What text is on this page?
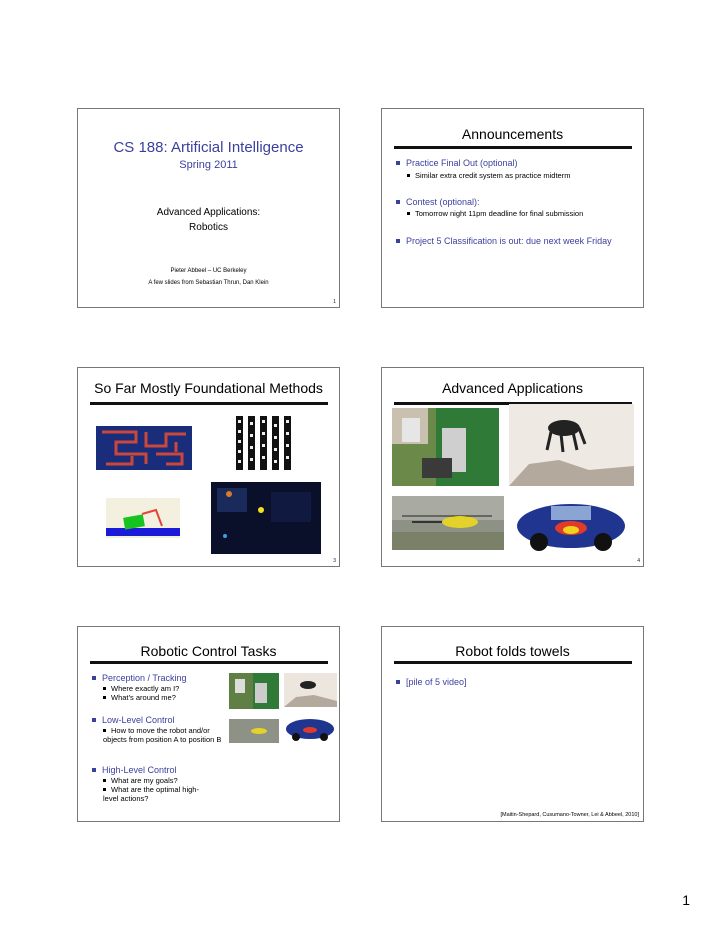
CS 188: Artificial Intelligence
Spring 2011
Advanced Applications:
Robotics
Pieter Abbeel – UC Berkeley
A few slides from Sebastian Thrun, Dan Klein
1
Announcements
Practice Final Out (optional)
Similar extra credit system as practice midterm
Contest (optional):
Tomorrow night 11pm deadline for final submission
Project 5 Classification is out: due next week Friday
So Far Mostly Foundational Methods
3
Advanced Applications
4
Robotic Control Tasks
Perception / Tracking
Where exactly am I?
What’s around me?
Low-Level Control
How to move the robot and/or objects from position A to position B
High-Level Control
What are my goals?
What are the optimal high-level actions?
Robot folds towels
[pile of 5 video]
[Maitin-Shepard, Cusumano-Towner, Lei & Abbeel, 2010]
1
